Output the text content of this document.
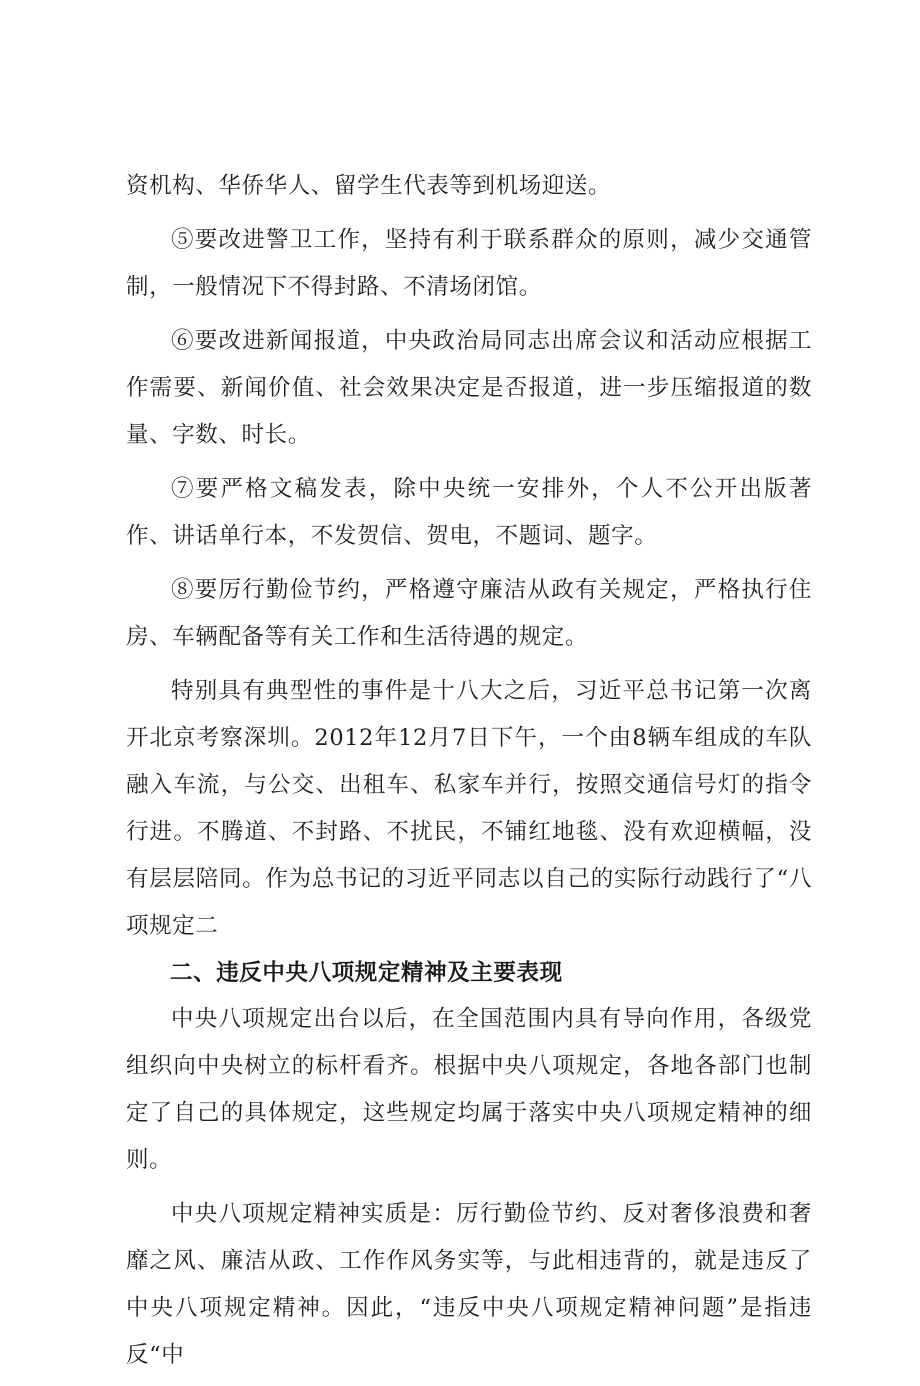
资机构、华侨华人、留学生代表等到机场迎送。

⑤要改进警卫工作，坚持有利于联系群众的原则，减少交通管制，一般情况下不得封路、不清场闭馆。

⑥要改进新闻报道，中央政治局同志出席会议和活动应根据工作需要、新闻价值、社会效果决定是否报道，进一步压缩报道的数量、字数、时长。

⑦要严格文稿发表，除中央统一安排外，个人不公开出版著作、讲话单行本，不发贺信、贺电，不题词、题字。

⑧要厉行勤俭节约，严格遵守廉洁从政有关规定，严格执行住房、车辆配备等有关工作和生活待遇的规定。

特别具有典型性的事件是十八大之后，习近平总书记第一次离开北京考察深圳。2012年12月7日下午，一个由8辆车组成的车队融入车流，与公交、出租车、私家车并行，按照交通信号灯的指令行进。不腾道、不封路、不扰民，不铺红地毯、没有欢迎横幅，没有层层陪同。作为总书记的习近平同志以自己的实际行动践行了“八项规定二

二、违反中央八项规定精神及主要表现

中央八项规定出台以后，在全国范围内具有导向作用，各级党组织向中央树立的标杆看齐。根据中央八项规定，各地各部门也制定了自己的具体规定，这些规定均属于落实中央八项规定精神的细则。

中央八项规定精神实质是：厉行勤俭节约、反对奢侈浪费和奢靡之风、廉洁从政、工作作风务实等，与此相违背的，就是违反了中央八项规定精神。因此，“违反中央八项规定精神问题”是指违反“中
